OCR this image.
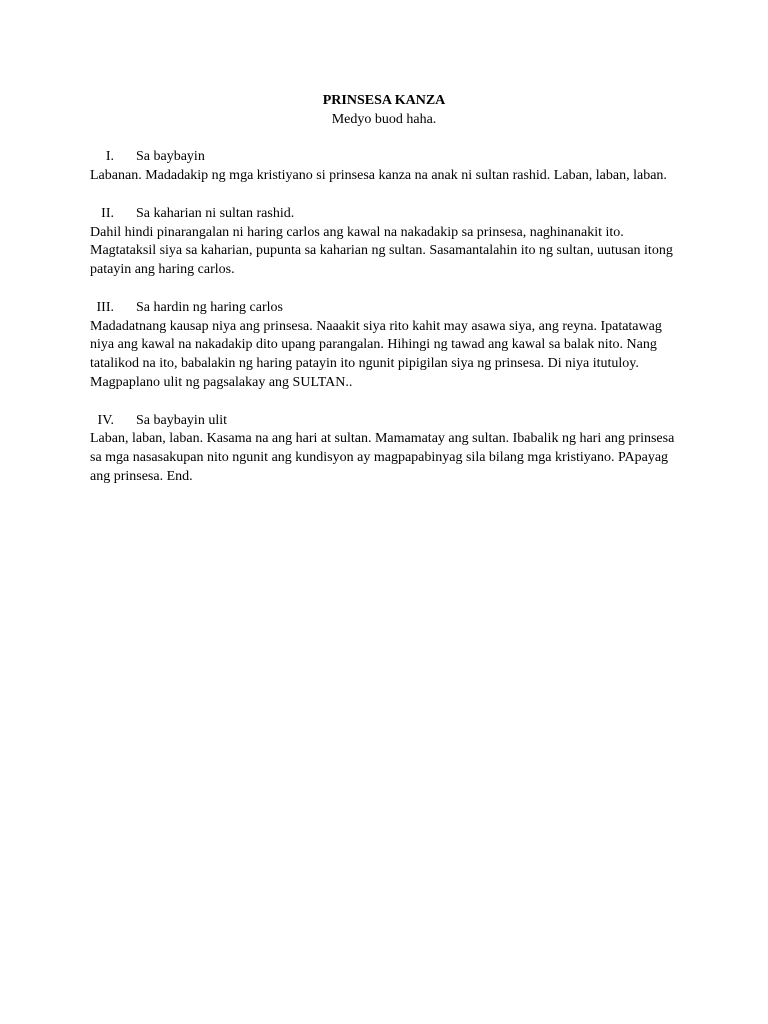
PRINSESA KANZA

Medyo buod haha.

I.	Sa baybayin

Labanan. Madadakip ng mga kristiyano si prinsesa kanza na anak ni sultan rashid. Laban, laban, laban.

II.	Sa kaharian ni sultan rashid.

Dahil hindi pinarangalan ni haring carlos ang kawal na nakadakip sa prinsesa, naghinanakit ito. Magtataksil siya sa kaharian, pupunta sa kaharian ng sultan. Sasamantalahin ito ng sultan, uutusan itong patayin ang haring carlos.

III.	Sa hardin ng haring carlos

Madadatnang kausap niya ang prinsesa. Naaakit siya rito kahit may asawa siya, ang reyna. Ipatatawag niya ang kawal na nakadakip dito upang parangalan. Hihingi ng tawad ang kawal sa balak nito. Nang tatalikod na ito, babalakin ng haring patayin ito ngunit pipigilan siya ng prinsesa. Di niya itutuloy. Magpaplano ulit ng pagsalakay ang SULTAN..

IV.	Sa baybayin ulit

Laban, laban, laban. Kasama na ang hari at sultan. Mamamatay ang sultan. Ibabalik ng hari ang prinsesa sa mga nasasakupan nito ngunit ang kundisyon ay magpapabinyag sila bilang mga kristiyano. PApayag ang prinsesa. End.
